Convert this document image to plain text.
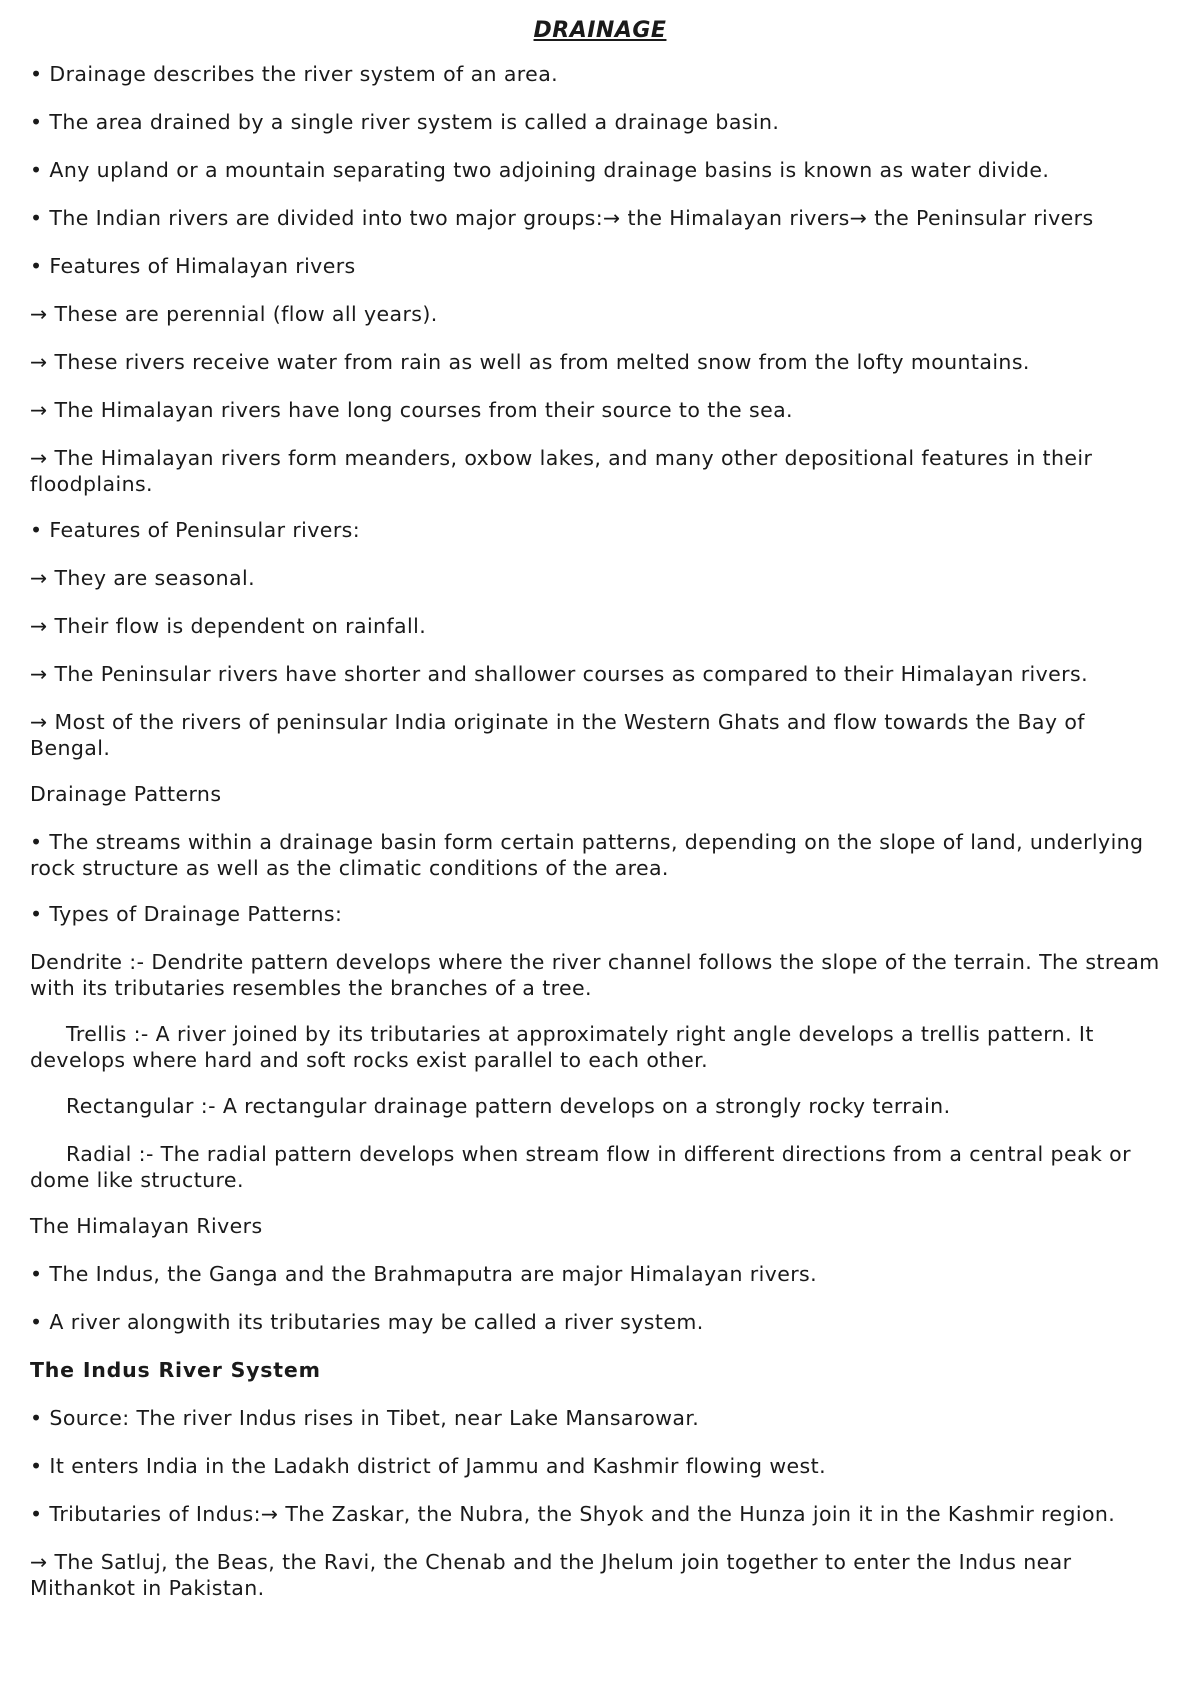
DRAINAGE

• Drainage describes the river system of an area.

• The area drained by a single river system is called a drainage basin.

• Any upland or a mountain separating two adjoining drainage basins is known as water divide.

• The Indian rivers are divided into two major groups:→ the Himalayan rivers→ the Peninsular rivers

• Features of Himalayan rivers

→ These are perennial (flow all years).

→ These rivers receive water from rain as well as from melted snow from the lofty mountains.

→ The Himalayan rivers have long courses from their source to the sea.

→ The Himalayan rivers form meanders, oxbow lakes, and many other depositional features in their floodplains.

• Features of Peninsular rivers:

→ They are seasonal.

→ Their flow is dependent on rainfall.

→ The Peninsular rivers have shorter and shallower courses as compared to their Himalayan rivers.

→ Most of the rivers of peninsular India originate in the Western Ghats and flow towards the Bay of Bengal.

Drainage Patterns

• The streams within a drainage basin form certain patterns, depending on the slope of land, underlying rock structure as well as the climatic conditions of the area.

• Types of Drainage Patterns:

Dendrite :- Dendrite pattern develops where the river channel follows the slope of the terrain. The stream with its tributaries resembles the branches of a tree.

Trellis :- A river joined by its tributaries at approximately right angle develops a trellis pattern. It develops where hard and soft rocks exist parallel to each other.

Rectangular :- A rectangular drainage pattern develops on a strongly rocky terrain.

Radial :- The radial pattern develops when stream flow in different directions from a central peak or dome like structure.

The Himalayan Rivers

• The Indus, the Ganga and the Brahmaputra are major Himalayan rivers.

• A river alongwith its tributaries may be called a river system.

The Indus River System

• Source: The river Indus rises in Tibet, near Lake Mansarowar.

• It enters India in the Ladakh district of Jammu and Kashmir flowing west.

• Tributaries of Indus:→ The Zaskar, the Nubra, the Shyok and the Hunza join it in the Kashmir region.

→ The Satluj, the Beas, the Ravi, the Chenab and the Jhelum join together to enter the Indus near Mithankot in Pakistan.
